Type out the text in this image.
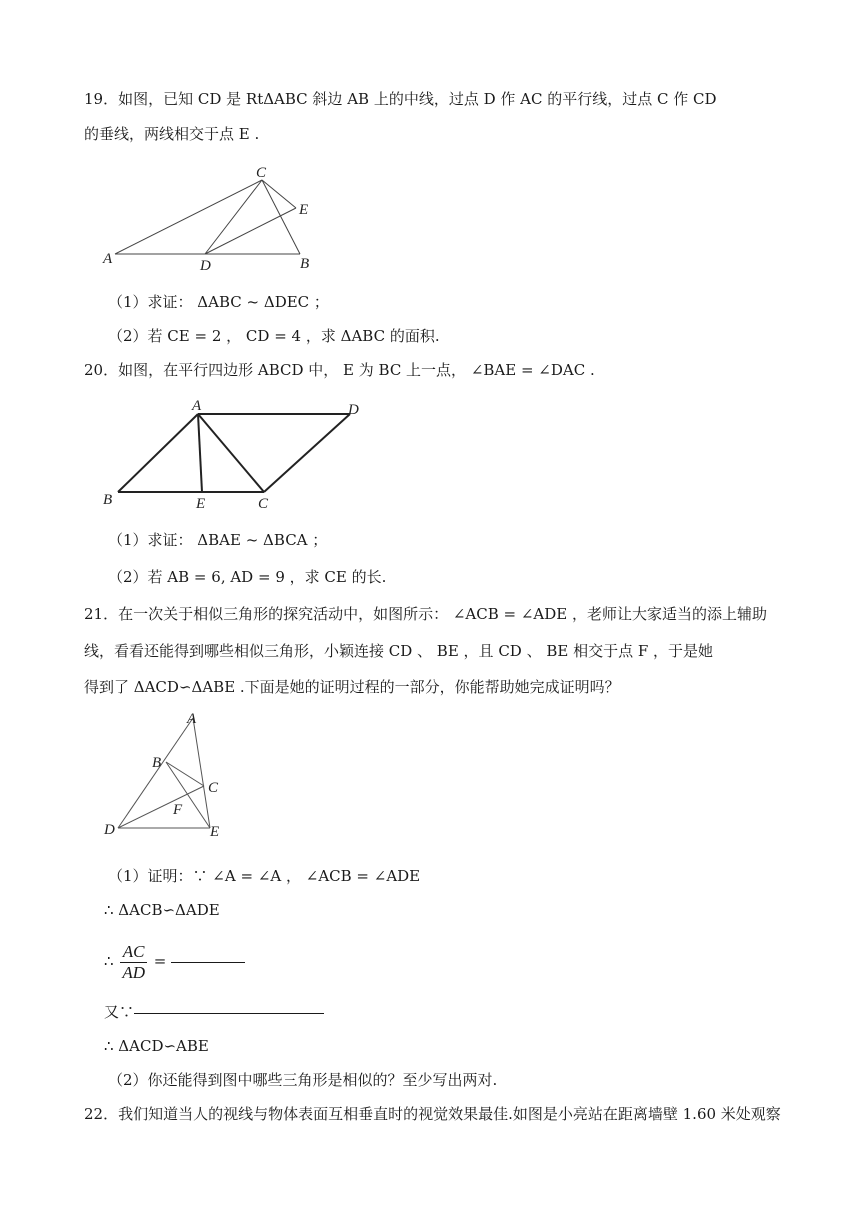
19．如图，已知 CD 是 RtΔABC 斜边 AB 上的中线，过点 D 作 AC 的平行线，过点 C 作 CD
的垂线，两线相交于点 E .
A	D	B
C
E
（1）求证： ΔABC ~ ΔDEC ；
（2）若 CE = 2 ， CD = 4 ，求 ΔABC 的面积.
20．如图，在平行四边形 ABCD 中， E 为 BC 上一点， ∠BAE = ∠DAC .
A	D
B	E	C
（1）求证： ΔBAE ~ ΔBCA ；
（2）若 AB = 6, AD = 9 ，求 CE 的长.
21．在一次关于相似三角形的探究活动中，如图所示： ∠ACB = ∠ADE ，老师让大家适当的添上辅助
线，看看还能得到哪些相似三角形，小颖连接 CD 、 BE ，且 CD 、 BE 相交于点 F ，于是她
得到了 ΔACD∽ΔABE .下面是她的证明过程的一部分，你能帮助她完成证明吗？
A
B
C
F
D	E
（1）证明：∵ ∠A = ∠A ， ∠ACB = ∠ADE
∴ ΔACB∽ΔADE
∴ $\frac{AC}{AD}$ =
又∵
∴ ΔACD∽ABE
（2）你还能得到图中哪些三角形是相似的？至少写出两对.
22．我们知道当人的视线与物体表面互相垂直时的视觉效果最佳.如图是小亮站在距离墙壁 1.60 米处观察
